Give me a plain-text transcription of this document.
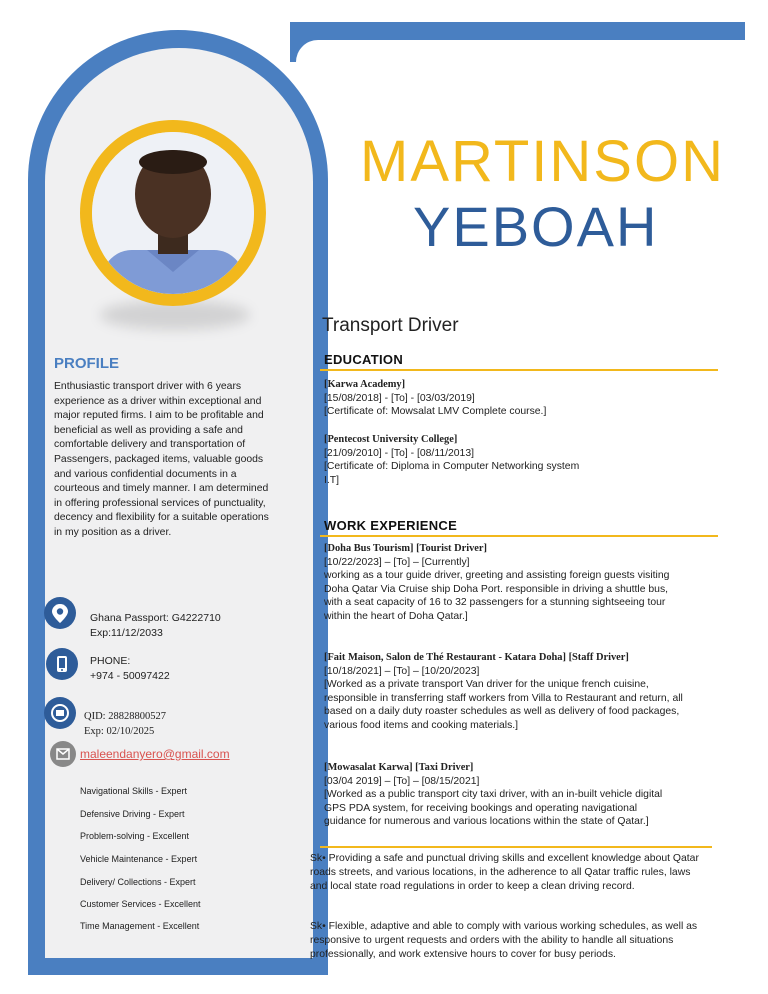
MARTINSON
YEBOAH
Transport Driver
PROFILE
Enthusiastic transport driver with 6 years experience as a driver within exceptional and major reputed firms. I aim to be profitable and beneficial as well as providing a safe and comfortable delivery and transportation of Passengers, packaged items, valuable goods and various confidential documents in a courteous and timely manner. I am determined in offering professional services of punctuality, decency and flexibility for a suitable operations in my position as a driver.
Ghana Passport: G4222710
Exp:11/12/2033
PHONE:
+974 - 50097422
QID: 28828800527
Exp: 02/10/2025
maleendanyero@gmail.com
Navigational Skills - Expert
Defensive Driving - Expert
Problem-solving - Excellent
Vehicle Maintenance - Expert
Delivery/ Collections - Expert
Customer Services - Excellent
Time Management - Excellent
EDUCATION
[Karwa Academy]
[15/08/2018] - [To] - [03/03/2019]
[Certificate of: Mowsalat LMV Complete course.]
[Pentecost University College]
[21/09/2010] - [To] - [08/11/2013]
[Certificate of: Diploma in Computer Networking system I.T]
WORK EXPERIENCE
[Doha Bus Tourism] [Tourist Driver]
[10/22/2023] – [To] – [Currently]
working as a tour guide driver, greeting and assisting foreign guests visiting Doha Qatar Via Cruise ship Doha Port. responsible in driving a shuttle bus, with a seat capacity of 16 to 32 passengers for a stunning sightseeing tour within the heart of Doha Qatar.]
[Fait Maison, Salon de Thé Restaurant - Katara Doha] [Staff Driver]
[10/18/2021] – [To] – [10/20/2023]
[Worked as a private transport Van driver for the unique french cuisine, responsible in transferring staff workers from Villa to Restaurant and return, all based on a daily duty roaster schedules as well as delivery of food packages, various food items and cooking materials.]
[Mowasalat Karwa] [Taxi Driver]
[03/04 2019] – [To] – [08/15/2021]
[Worked as a public transport city taxi driver, with an in-built vehicle digital GPS PDA system, for receiving bookings and operating navigational guidance for numerous and various locations within the state of Qatar.]
Sk• Providing a safe and punctual driving skills and excellent knowledge about Qatar roads streets, and various locations, in the adherence to all Qatar traffic rules, laws and local state road regulations in order to keep a clean driving record.
Sk• Flexible, adaptive and able to comply with various working schedules, as well as responsive to urgent requests and orders with the ability to handle all situations professionally, and work extensive hours to cover for busy periods.
